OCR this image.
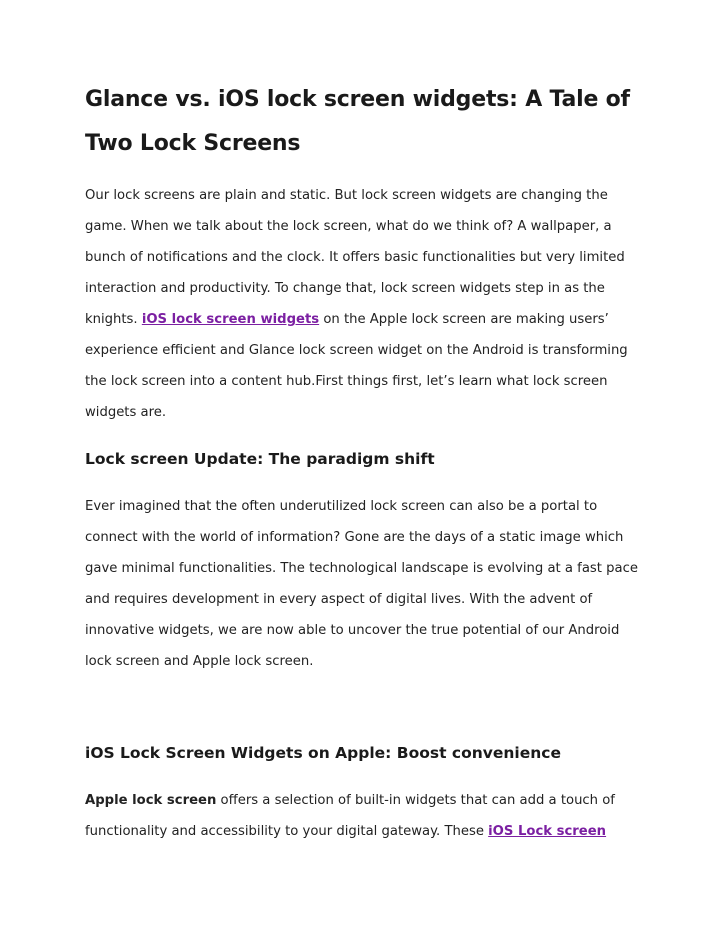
Glance vs. iOS lock screen widgets: A Tale of Two Lock Screens

Our lock screens are plain and static. But lock screen widgets are changing the game. When we talk about the lock screen, what do we think of? A wallpaper, a bunch of notifications and the clock. It offers basic functionalities but very limited interaction and productivity. To change that, lock screen widgets step in as the knights. iOS lock screen widgets on the Apple lock screen are making users’ experience efficient and Glance lock screen widget on the Android is transforming the lock screen into a content hub.First things first, let’s learn what lock screen widgets are.

Lock screen Update: The paradigm shift

Ever imagined that the often underutilized lock screen can also be a portal to connect with the world of information? Gone are the days of a static image which gave minimal functionalities. The technological landscape is evolving at a fast pace and requires development in every aspect of digital lives. With the advent of innovative widgets, we are now able to uncover the true potential of our Android lock screen and Apple lock screen.

iOS Lock Screen Widgets on Apple: Boost convenience

Apple lock screen offers a selection of built-in widgets that can add a touch of functionality and accessibility to your digital gateway. These iOS Lock screen
